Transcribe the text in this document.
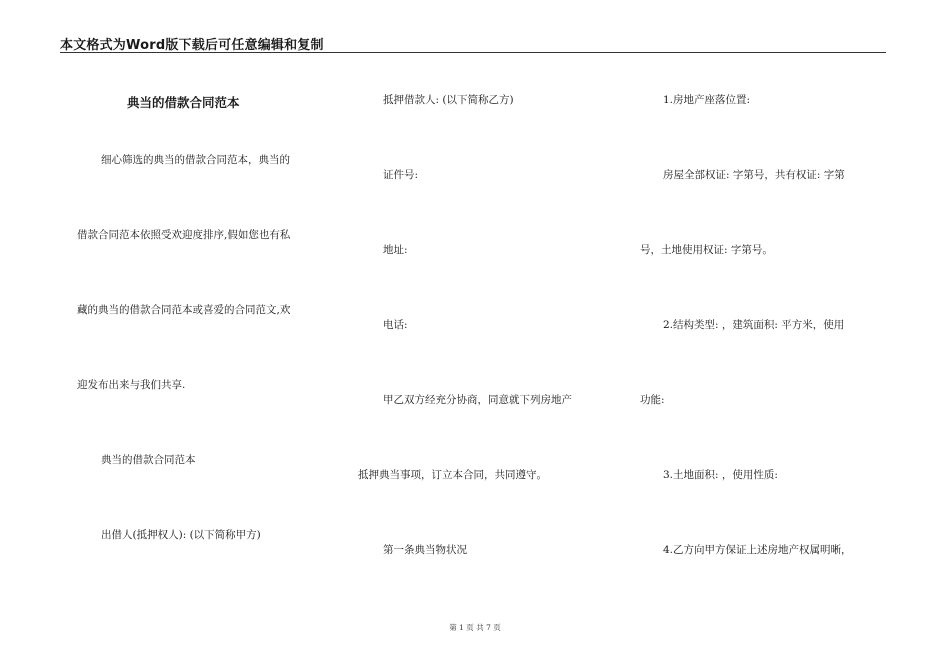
本文格式为Word版下载后可任意编辑和复制
典当的借款合同范本
细心筛选的典当的借款合同范本，典当的
借款合同范本依照受欢迎度排序,假如您也有私
藏的典当的借款合同范本或喜爱的合同范文,欢
迎发布出来与我们共享.
典当的借款合同范本
出借人(抵押权人): (以下简称甲方)
抵押借款人: (以下简称乙方)
证件号:
地址:
电话:
甲乙双方经充分协商，同意就下列房地产
抵押典当事项，订立本合同，共同遵守。
第一条典当物状况
1.房地产座落位置:
房屋全部权证: 字第号，共有权证: 字第
号，土地使用权证: 字第号。
2.结构类型: ，建筑面积: 平方米，使用
功能:
3.土地面积: ，使用性质:
4.乙方向甲方保证上述房地产权属明晰，
第 1 页 共 7 页
